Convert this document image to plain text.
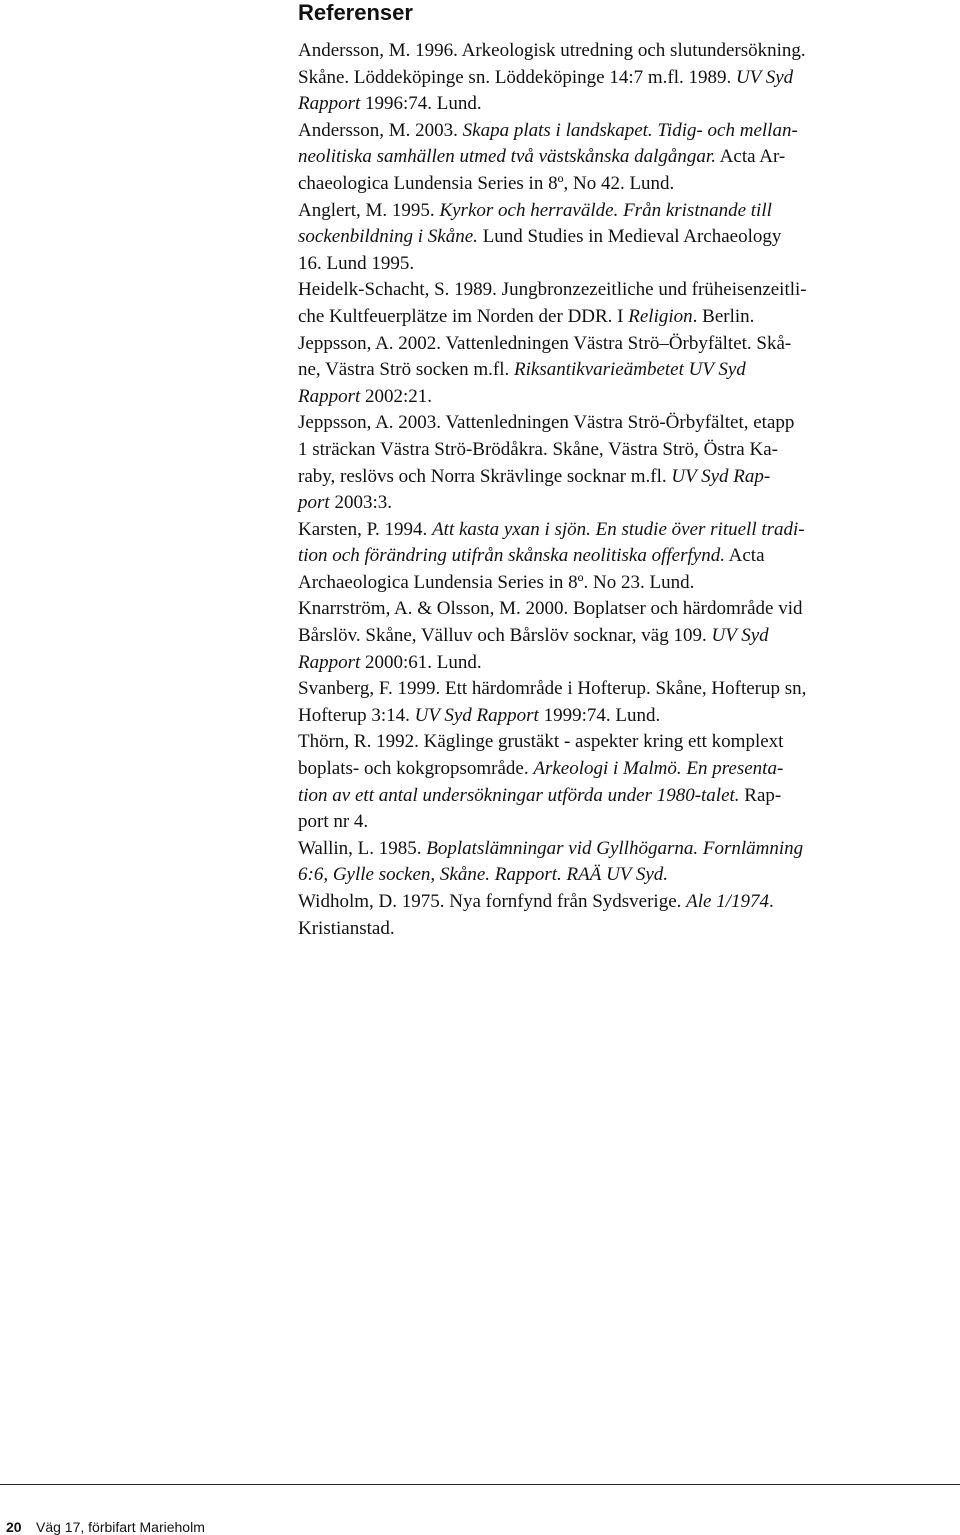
Referenser
Andersson, M. 1996. Arkeologisk utredning och slutundersökning.
Skåne. Löddeköpinge sn. Löddeköpinge 14:7 m.fl. 1989. UV Syd
Rapport 1996:74. Lund.
Andersson, M. 2003. Skapa plats i landskapet. Tidig- och mellan-
neolitiska samhällen utmed två västskånska dalgångar. Acta Ar-
chaeologica Lundensia Series in 8º, No 42. Lund.
Anglert, M. 1995. Kyrkor och herravälde. Från kristnande till
sockenbildning i Skåne. Lund Studies in Medieval Archaeology
16. Lund 1995.
Heidelk-Schacht, S. 1989. Jungbronzezeitliche und früheisenzeitli-
che Kultfeuerplätze im Norden der DDR. I Religion. Berlin.
Jeppsson, A. 2002. Vattenledningen Västra Strö–Örbyfältet. Skå-
ne, Västra Strö socken m.fl. Riksantikvarieämbetet UV Syd
Rapport 2002:21.
Jeppsson, A. 2003. Vattenledningen Västra Strö-Örbyfältet, etapp
1 sträckan Västra Strö-Brödåkra. Skåne, Västra Strö, Östra Ka-
raby, reslövs och Norra Skrävlinge socknar m.fl. UV Syd Rap-
port 2003:3.
Karsten, P. 1994. Att kasta yxan i sjön. En studie över rituell tradi-
tion och förändring utifrån skånska neolitiska offerfynd. Acta
Archaeologica Lundensia Series in 8º. No 23. Lund.
Knarrström, A. & Olsson, M. 2000. Boplatser och härdområde vid
Bårslöv. Skåne, Välluv och Bårslöv socknar, väg 109. UV Syd
Rapport 2000:61. Lund.
Svanberg, F. 1999. Ett härdområde i Hofterup. Skåne, Hofterup sn,
Hofterup 3:14. UV Syd Rapport 1999:74. Lund.
Thörn, R. 1992. Käglinge grustäkt - aspekter kring ett komplext
boplats- och kokgropsområde. Arkeologi i Malmö. En presenta-
tion av ett antal undersökningar utförda under 1980-talet. Rap-
port nr 4.
Wallin, L. 1985. Boplatslämningar vid Gyllhögarna. Fornlämning
6:6, Gylle socken, Skåne. Rapport. RAÄ UV Syd.
Widholm, D. 1975. Nya fornfynd från Sydsverige. Ale 1/1974.
Kristianstad.
20 Väg 17, förbifart Marieholm
